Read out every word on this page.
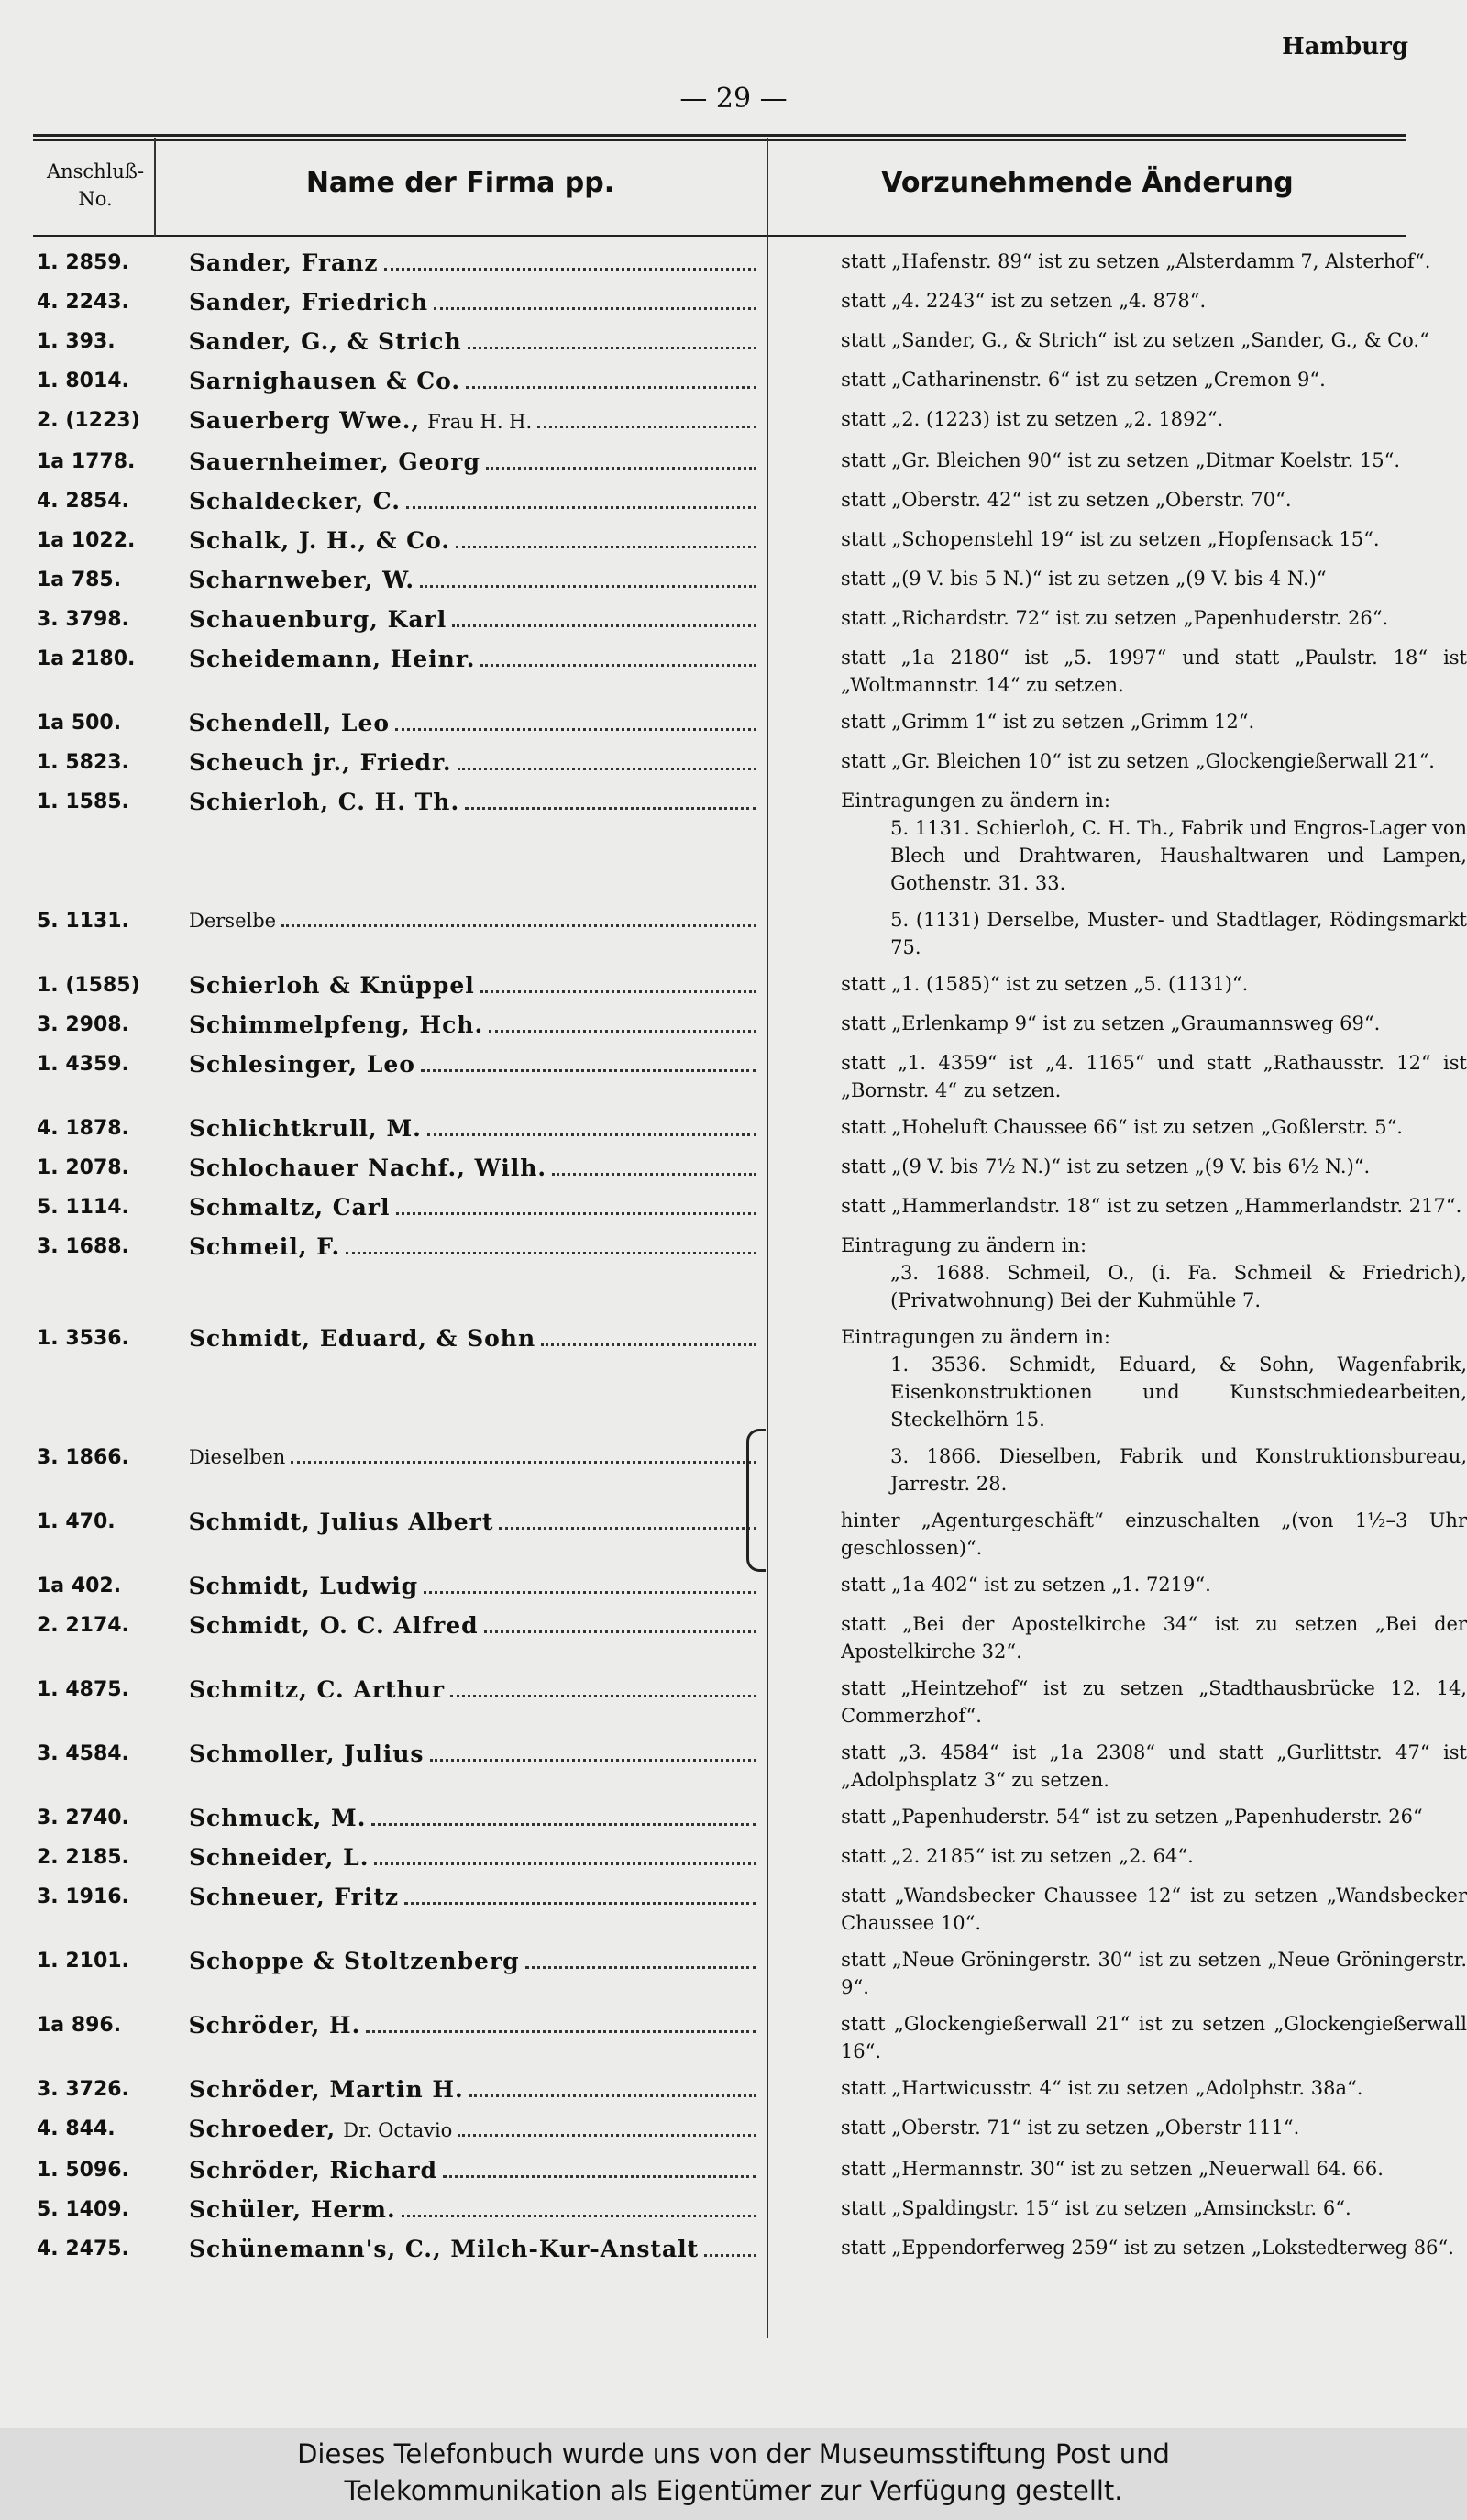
Hamburg
— 29 —
Anschluß-
No.	Name der Firma pp.	Vorzunehmende Änderung
1. 2859.	Sander, Franz	statt „Hafenstr. 89“ ist zu setzen „Alsterdamm 7, Alsterhof“.
4. 2243.	Sander, Friedrich	statt „4. 2243“ ist zu setzen „4. 878“.
1. 393.	Sander, G., & Strich	statt „Sander, G., & Strich“ ist zu setzen „Sander, G., & Co.“
1. 8014.	Sarnighausen & Co.	statt „Catharinenstr. 6“ ist zu setzen „Cremon 9“.
2. (1223) Sauerberg Wwe., Frau H. H.	statt „2. (1223) ist zu setzen „2. 1892“.
1a 1778. Sauernheimer, Georg	statt „Gr. Bleichen 90“ ist zu setzen „Ditmar Koelstr. 15“.
4. 2854.	Schaldecker, C.	statt „Oberstr. 42“ ist zu setzen „Oberstr. 70“.
1a 1022. Schalk, J. H., & Co.	statt „Schopenstehl 19“ ist zu setzen „Hopfensack 15“.
1a 785.	Scharnweber, W.	statt „(9 V. bis 5 N.)“ ist zu setzen „(9 V. bis 4 N.)“
3. 3798.	Schauenburg, Karl	statt „Richardstr. 72“ ist zu setzen „Papenhuderstr. 26“.
1a 2180. Scheidemann, Heinr.	statt „1a 2180“ ist „5. 1997“ und statt „Paulstr. 18“ ist „Woltmannstr. 14“ zu setzen.
1a 500.	Schendell, Leo	statt „Grimm 1“ ist zu setzen „Grimm 12“.
1. 5823.	Scheuch jr., Friedr.	statt „Gr. Bleichen 10“ ist zu setzen „Glockengießerwall 21“.
1. 1585.	Schierloh, C. H. Th.	Eintragungen zu ändern in:
5. 1131. Schierloh, C. H. Th., Fabrik und Engros-Lager von Blech und Drahtwaren, Haushaltwaren und Lampen, Gothenstr. 31. 33.
5. 1131.	Derselbe	5. (1131) Derselbe, Muster- und Stadtlager, Rödingsmarkt 75.
1. (1585) Schierloh & Knüppel	statt „1. (1585)“ ist zu setzen „5. (1131)“.
3. 2908.	Schimmelpfeng, Hch.	statt „Erlenkamp 9“ ist zu setzen „Graumannsweg 69“.
1. 4359.	Schlesinger, Leo	statt „1. 4359“ ist „4. 1165“ und statt „Rathausstr. 12“ ist „Bornstr. 4“ zu setzen.
4. 1878.	Schlichtkrull, M.	statt „Hoheluft Chaussee 66“ ist zu setzen „Goßlerstr. 5“.
1. 2078.	Schlochauer Nachf., Wilh.	statt „(9 V. bis 7½ N.)“ ist zu setzen „(9 V. bis 6½ N.)“.
5. 1114.	Schmaltz, Carl	statt „Hammerlandstr. 18“ ist zu setzen „Hammerlandstr. 217“.
3. 1688.	Schmeil, F.	Eintragung zu ändern in:
„3. 1688. Schmeil, O., (i. Fa. Schmeil & Friedrich), (Privatwohnung) Bei der Kuhmühle 7.
1. 3536.	Schmidt, Eduard, & Sohn	Eintragungen zu ändern in:
1. 3536. Schmidt, Eduard, & Sohn, Wagenfabrik, Eisenkonstruktionen und Kunstschmiedearbeiten, Steckelhörn 15.
3. 1866.	Dieselben	3. 1866. Dieselben, Fabrik und Konstruktionsbureau, Jarrestr. 28.
1. 470.	Schmidt, Julius Albert	hinter „Agenturgeschäft“ einzuschalten „(von 1½–3 Uhr geschlossen)“.
1a 402.	Schmidt, Ludwig	statt „1a 402“ ist zu setzen „1. 7219“.
2. 2174.	Schmidt, O. C. Alfred	statt „Bei der Apostelkirche 34“ ist zu setzen „Bei der Apostelkirche 32“.
1. 4875.	Schmitz, C. Arthur	statt „Heintzehof“ ist zu setzen „Stadthausbrücke 12. 14, Commerzhof“.
3. 4584.	Schmoller, Julius	statt „3. 4584“ ist „1a 2308“ und statt „Gurlittstr. 47“ ist „Adolphsplatz 3“ zu setzen.
3. 2740.	Schmuck, M.	statt „Papenhuderstr. 54“ ist zu setzen „Papenhuderstr. 26“
2. 2185.	Schneider, L.	statt „2. 2185“ ist zu setzen „2. 64“.
3. 1916.	Schneuer, Fritz	statt „Wandsbecker Chaussee 12“ ist zu setzen „Wandsbecker Chaussee 10“.
1. 2101.	Schoppe & Stoltzenberg	statt „Neue Gröningerstr. 30“ ist zu setzen „Neue Gröningerstr. 9“.
1a 896.	Schröder, H.	statt „Glockengießerwall 21“ ist zu setzen „Glockengießerwall 16“.
3. 3726.	Schröder, Martin H.	statt „Hartwicusstr. 4“ ist zu setzen „Adolphstr. 38a“.
4. 844.	Schroeder, Dr. Octavio	statt „Oberstr. 71“ ist zu setzen „Oberstr 111“.
1. 5096.	Schröder, Richard	statt „Hermannstr. 30“ ist zu setzen „Neuerwall 64. 66.
5. 1409.	Schüler, Herm.	statt „Spaldingstr. 15“ ist zu setzen „Amsinckstr. 6“.
4. 2475.	Schünemann's, C., Milch-Kur-Anstalt	statt „Eppendorferweg 259“ ist zu setzen „Lokstedterweg 86“.
Dieses Telefonbuch wurde uns von der Museumsstiftung Post und
Telekommunikation als Eigentümer zur Verfügung gestellt.
